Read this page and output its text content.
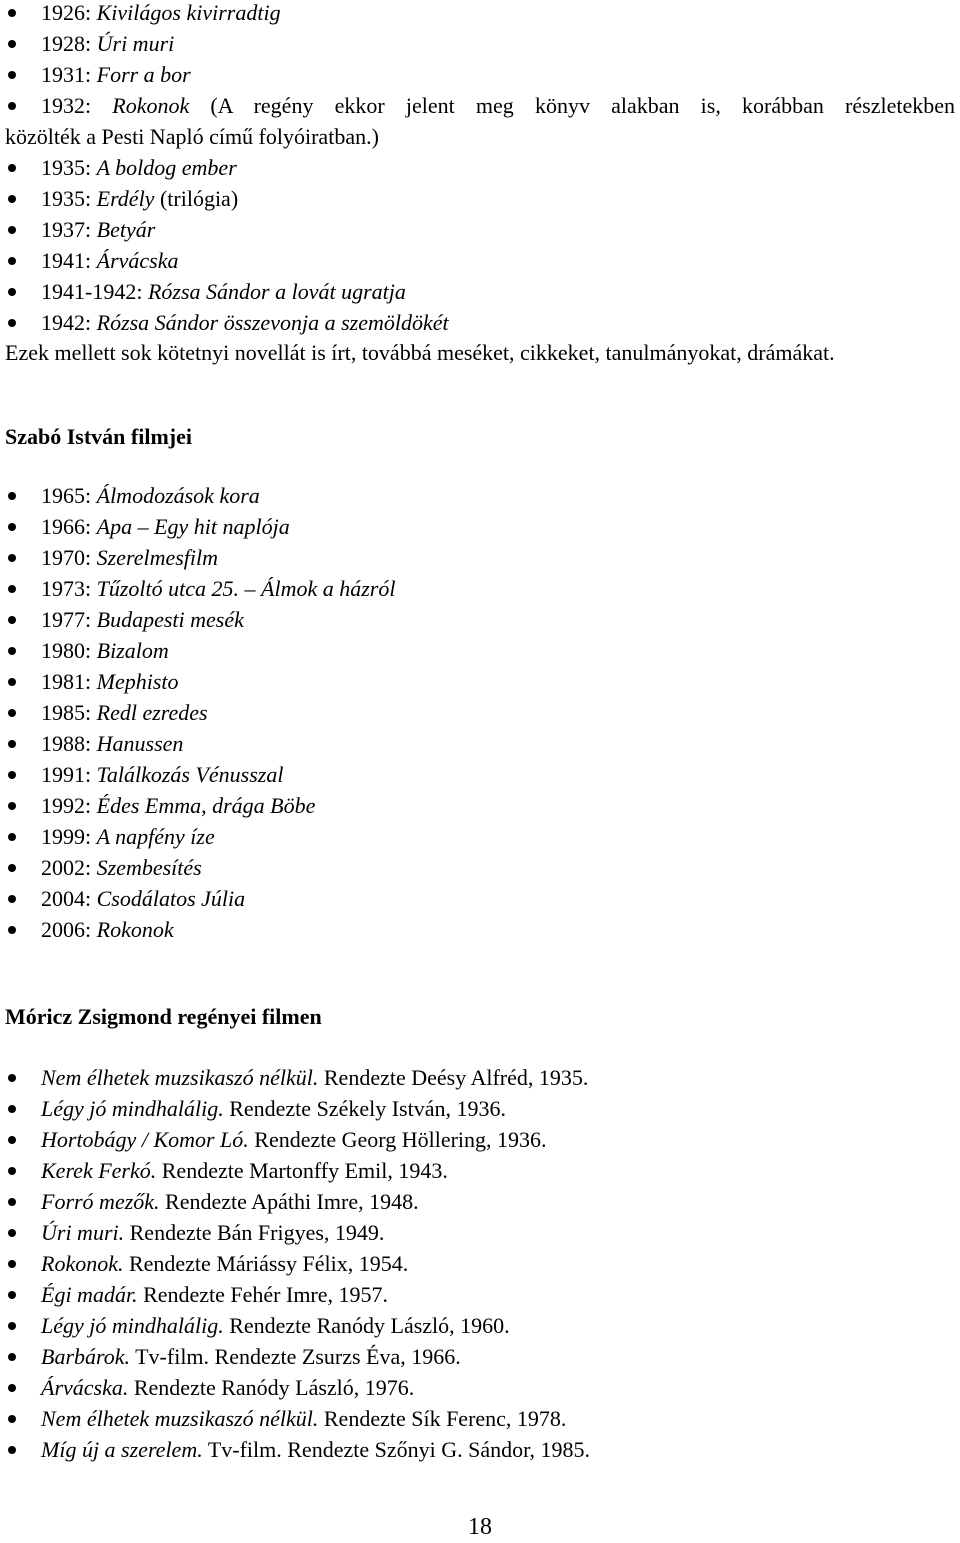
1926: Kivilágos kivirradtig
1928: Úri muri
1931: Forr a bor
1932: Rokonok (A regény ekkor jelent meg könyv alakban is, korábban részletekben
közölték a Pesti Napló című folyóiratban.)
1935: A boldog ember
1935: Erdély (trilógia)
1937: Betyár
1941: Árvácska
1941-1942: Rózsa Sándor a lovát ugratja
1942: Rózsa Sándor összevonja a szemöldökét
Ezek mellett sok kötetnyi novellát is írt, továbbá meséket, cikkeket, tanulmányokat, drámákat.
Szabó István filmjei
1965: Álmodozások kora
1966: Apa – Egy hit naplója
1970: Szerelmesfilm
1973: Tűzoltó utca 25. – Álmok a házról
1977: Budapesti mesék
1980: Bizalom
1981: Mephisto
1985: Redl ezredes
1988: Hanussen
1991: Találkozás Vénusszal
1992: Édes Emma, drága Böbe
1999: A napfény íze
2002: Szembesítés
2004: Csodálatos Júlia
2006: Rokonok
Móricz Zsigmond regényei filmen
Nem élhetek muzsikaszó nélkül. Rendezte Deésy Alfréd, 1935.
Légy jó mindhalálig. Rendezte Székely István, 1936.
Hortobágy / Komor Ló. Rendezte Georg Höllering, 1936.
Kerek Ferkó. Rendezte Martonffy Emil, 1943.
Forró mezők. Rendezte Apáthi Imre, 1948.
Úri muri. Rendezte Bán Frigyes, 1949.
Rokonok. Rendezte Máriássy Félix, 1954.
Égi madár. Rendezte Fehér Imre, 1957.
Légy jó mindhalálig. Rendezte Ranódy László, 1960.
Barbárok. Tv-film. Rendezte Zsurzs Éva, 1966.
Árvácska. Rendezte Ranódy László, 1976.
Nem élhetek muzsikaszó nélkül. Rendezte Sík Ferenc, 1978.
Míg új a szerelem. Tv-film. Rendezte Szőnyi G. Sándor, 1985.
18
